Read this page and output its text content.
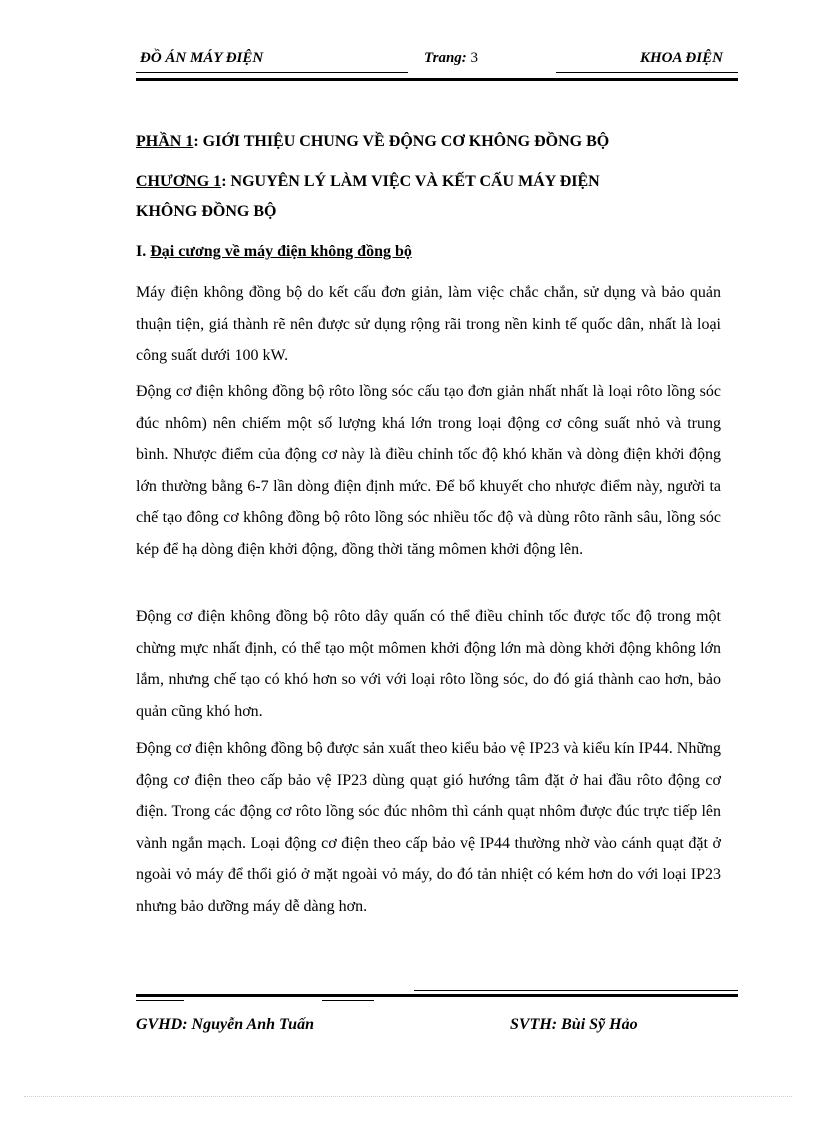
ĐỒ ÁN MÁY ĐIỆN	Trang: 3	KHOA ĐIỆN
PHẦN 1: GIỚI THIỆU CHUNG VỀ ĐỘNG CƠ KHÔNG ĐỒNG BỘ
CHƯƠNG 1: NGUYÊN LÝ LÀM VIỆC VÀ KẾT CẤU MÁY ĐIỆN
KHÔNG ĐỒNG BỘ
I. Đại cương về máy điện không đồng bộ

Máy điện không đồng bộ do kết cấu đơn giản, làm việc chắc chắn, sử dụng và bảo quản thuận tiện, giá thành rẽ nên được sử dụng rộng rãi trong nền kinh tế quốc dân, nhất là loại công suất dưới 100 kW.

Động cơ điện không đồng bộ rôto lồng sóc cấu tạo đơn giản nhất nhất là loại rôto lồng sóc đúc nhôm) nên chiếm một số lượng khá lớn trong loại động cơ công suất nhỏ và trung bình. Nhược điểm của động cơ này là điều chỉnh tốc độ khó khăn và dòng điện khởi động lớn thường bằng 6-7 lần dòng điện định mức. Để bổ khuyết cho nhược điểm này, người ta chế tạo đông cơ không đồng bộ rôto lồng sóc nhiều tốc độ và dùng rôto rãnh sâu, lồng sóc kép để hạ dòng điện khởi động, đồng thời tăng mômen khởi động lên.

Động cơ điện không đồng bộ rôto dây quấn có thể điều chỉnh tốc được tốc độ trong một chừng mực nhất định, có thể tạo một mômen khởi động lớn mà dòng khởi động không lớn lắm, nhưng chế tạo có khó hơn so với với loại rôto lồng sóc, do đó giá thành cao hơn, bảo quản cũng khó hơn.

Động cơ điện không đồng bộ được sản xuất theo kiểu bảo vệ IP23 và kiểu kín IP44. Những động cơ điện theo cấp bảo vệ IP23 dùng quạt gió hướng tâm đặt ở hai đầu rôto động cơ điện. Trong các động cơ rôto lồng sóc đúc nhôm thì cánh quạt nhôm được đúc trực tiếp lên vành ngắn mạch. Loại động cơ điện theo cấp bảo vệ IP44 thường nhờ vào cánh quạt đặt ở ngoài vỏ máy để thổi gió ở mặt ngoài vỏ máy, do đó tản nhiệt có kém hơn do với loại IP23 nhưng bảo dưỡng máy dễ dàng hơn.

GVHD: Nguyễn Anh Tuấn	SVTH: Bùi Sỹ Hảo
